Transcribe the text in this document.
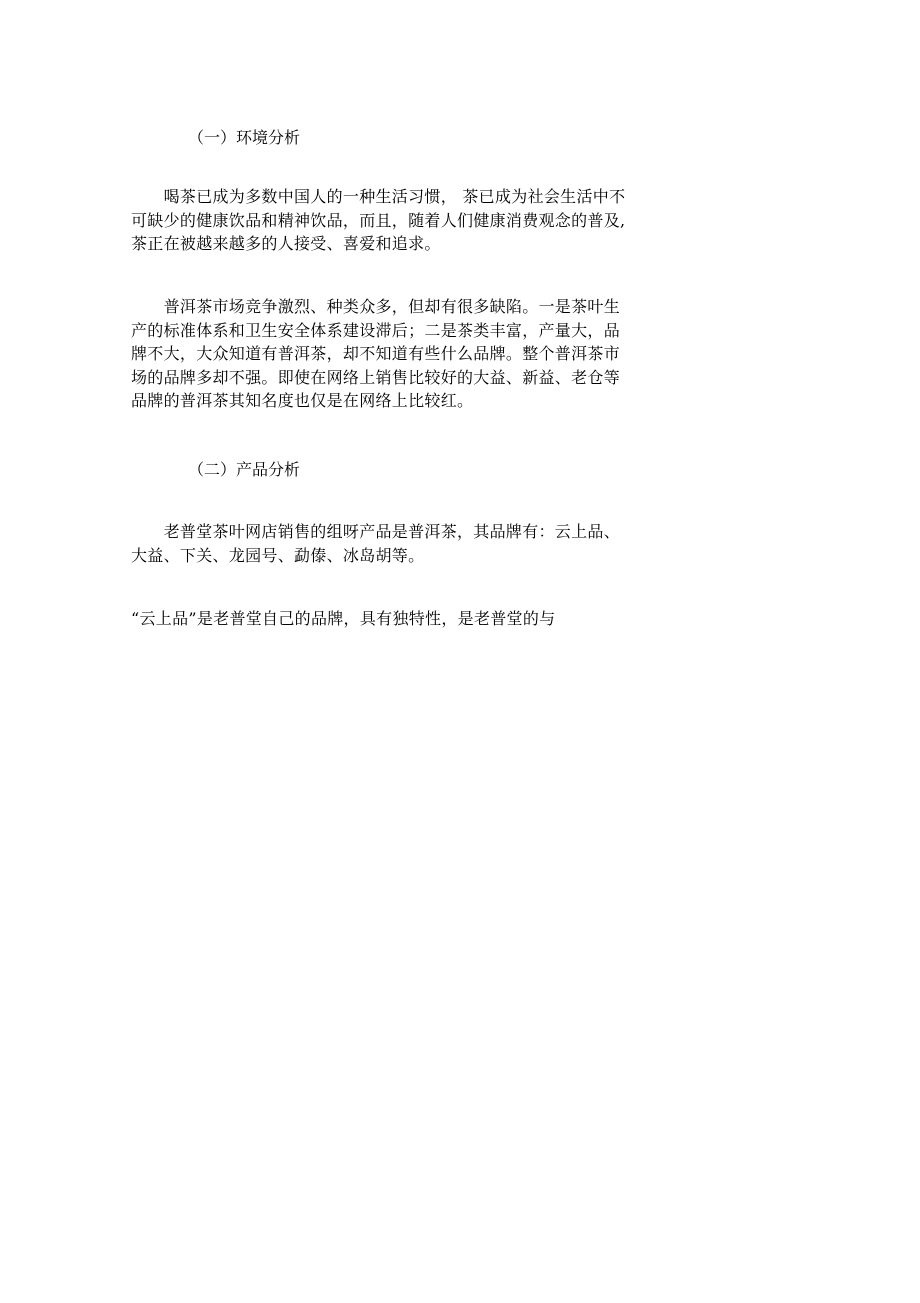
（一）环境分析
　　喝茶已成为多数中国人的一种生活习惯， 茶已成为社会生活中不
可缺少的健康饮品和精神饮品，而且，随着人们健康消费观念的普及,
茶正在被越来越多的人接受、喜爱和追求。
　　普洱茶市场竞争激烈、种类众多，但却有很多缺陷。一是茶叶生
产的标准体系和卫生安全体系建设滞后；二是茶类丰富，产量大，品
牌不大，大众知道有普洱茶，却不知道有些什么品牌。整个普洱茶市
场的品牌多却不强。即使在网络上销售比较好的大益、新益、老仓等
品牌的普洱茶其知名度也仅是在网络上比较红。
（二）产品分析
　　老普堂茶叶网店销售的组呀产品是普洱茶，其品牌有：云上品、
大益、下关、龙园号、勐傣、冰岛胡等。
“云上品”是老普堂自己的品牌，具有独特性，是老普堂的与
